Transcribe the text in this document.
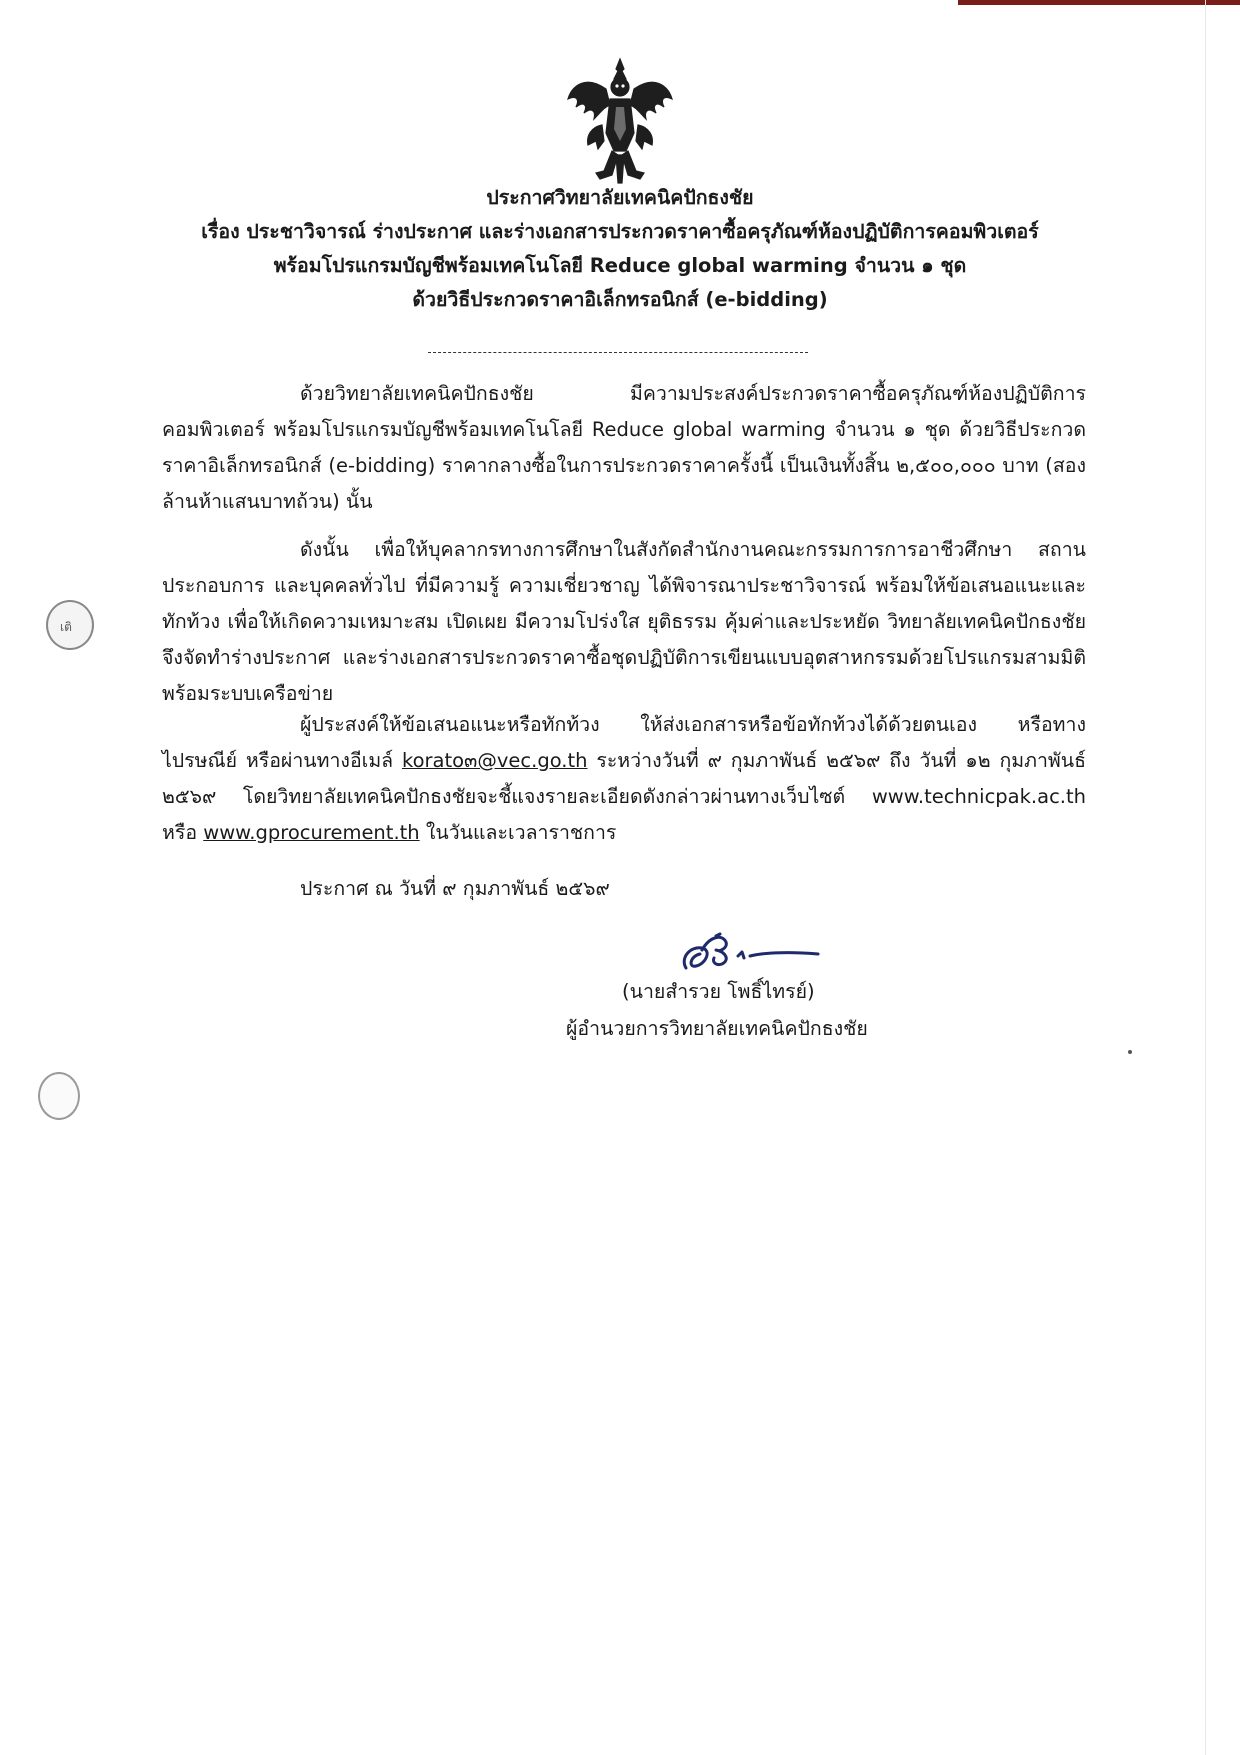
ประกาศวิทยาลัยเทคนิคปักธงชัย
เรื่อง ประชาวิจารณ์ ร่างประกาศ และร่างเอกสารประกวดราคาซื้อครุภัณฑ์ห้องปฏิบัติการคอมพิวเตอร์
พร้อมโปรแกรมบัญชีพร้อมเทคโนโลยี Reduce global warming จำนวน ๑ ชุด
ด้วยวิธีประกวดราคาอิเล็กทรอนิกส์ (e-bidding)
ด้วยวิทยาลัยเทคนิคปักธงชัย มีความประสงค์ประกวดราคาซื้อครุภัณฑ์ห้องปฏิบัติการคอมพิวเตอร์ พร้อมโปรแกรมบัญชีพร้อมเทคโนโลยี Reduce global warming จำนวน ๑ ชุด ด้วยวิธีประกวดราคาอิเล็กทรอนิกส์ (e-bidding) ราคากลางซื้อในการประกวดราคาครั้งนี้ เป็นเงินทั้งสิ้น ๒,๕๐๐,๐๐๐ บาท (สองล้านห้าแสนบาทถ้วน) นั้น
ดังนั้น เพื่อให้บุคลากรทางการศึกษาในสังกัดสำนักงานคณะกรรมการการอาชีวศึกษา สถานประกอบการ และบุคคลทั่วไป ที่มีความรู้ ความเชี่ยวชาญ ได้พิจารณาประชาวิจารณ์ พร้อมให้ข้อเสนอแนะและทักท้วง เพื่อให้เกิดความเหมาะสม เปิดเผย มีความโปร่งใส ยุติธรรม คุ้มค่าและประหยัด วิทยาลัยเทคนิคปักธงชัย จึงจัดทำร่างประกาศ และร่างเอกสารประกวดราคาซื้อชุดปฏิบัติการเขียนแบบอุตสาหกรรมด้วยโปรแกรมสามมิติพร้อมระบบเครือข่าย
ผู้ประสงค์ให้ข้อเสนอแนะหรือทักท้วง ให้ส่งเอกสารหรือข้อทักท้วงได้ด้วยตนเอง หรือทางไปรษณีย์ หรือผ่านทางอีเมล์ korato๓@vec.go.th ระหว่างวันที่ ๙ กุมภาพันธ์ ๒๕๖๙ ถึง วันที่ ๑๒ กุมภาพันธ์ ๒๕๖๙ โดยวิทยาลัยเทคนิคปักธงชัยจะชี้แจงรายละเอียดดังกล่าวผ่านทางเว็บไซต์ www.technicpak.ac.th หรือ www.gprocurement.th ในวันและเวลาราชการ
ประกาศ ณ วันที่ ๙ กุมภาพันธ์ ๒๕๖๙
(นายสำรวย โพธิ์ไทรย์)
ผู้อำนวยการวิทยาลัยเทคนิคปักธงชัย
เติ
